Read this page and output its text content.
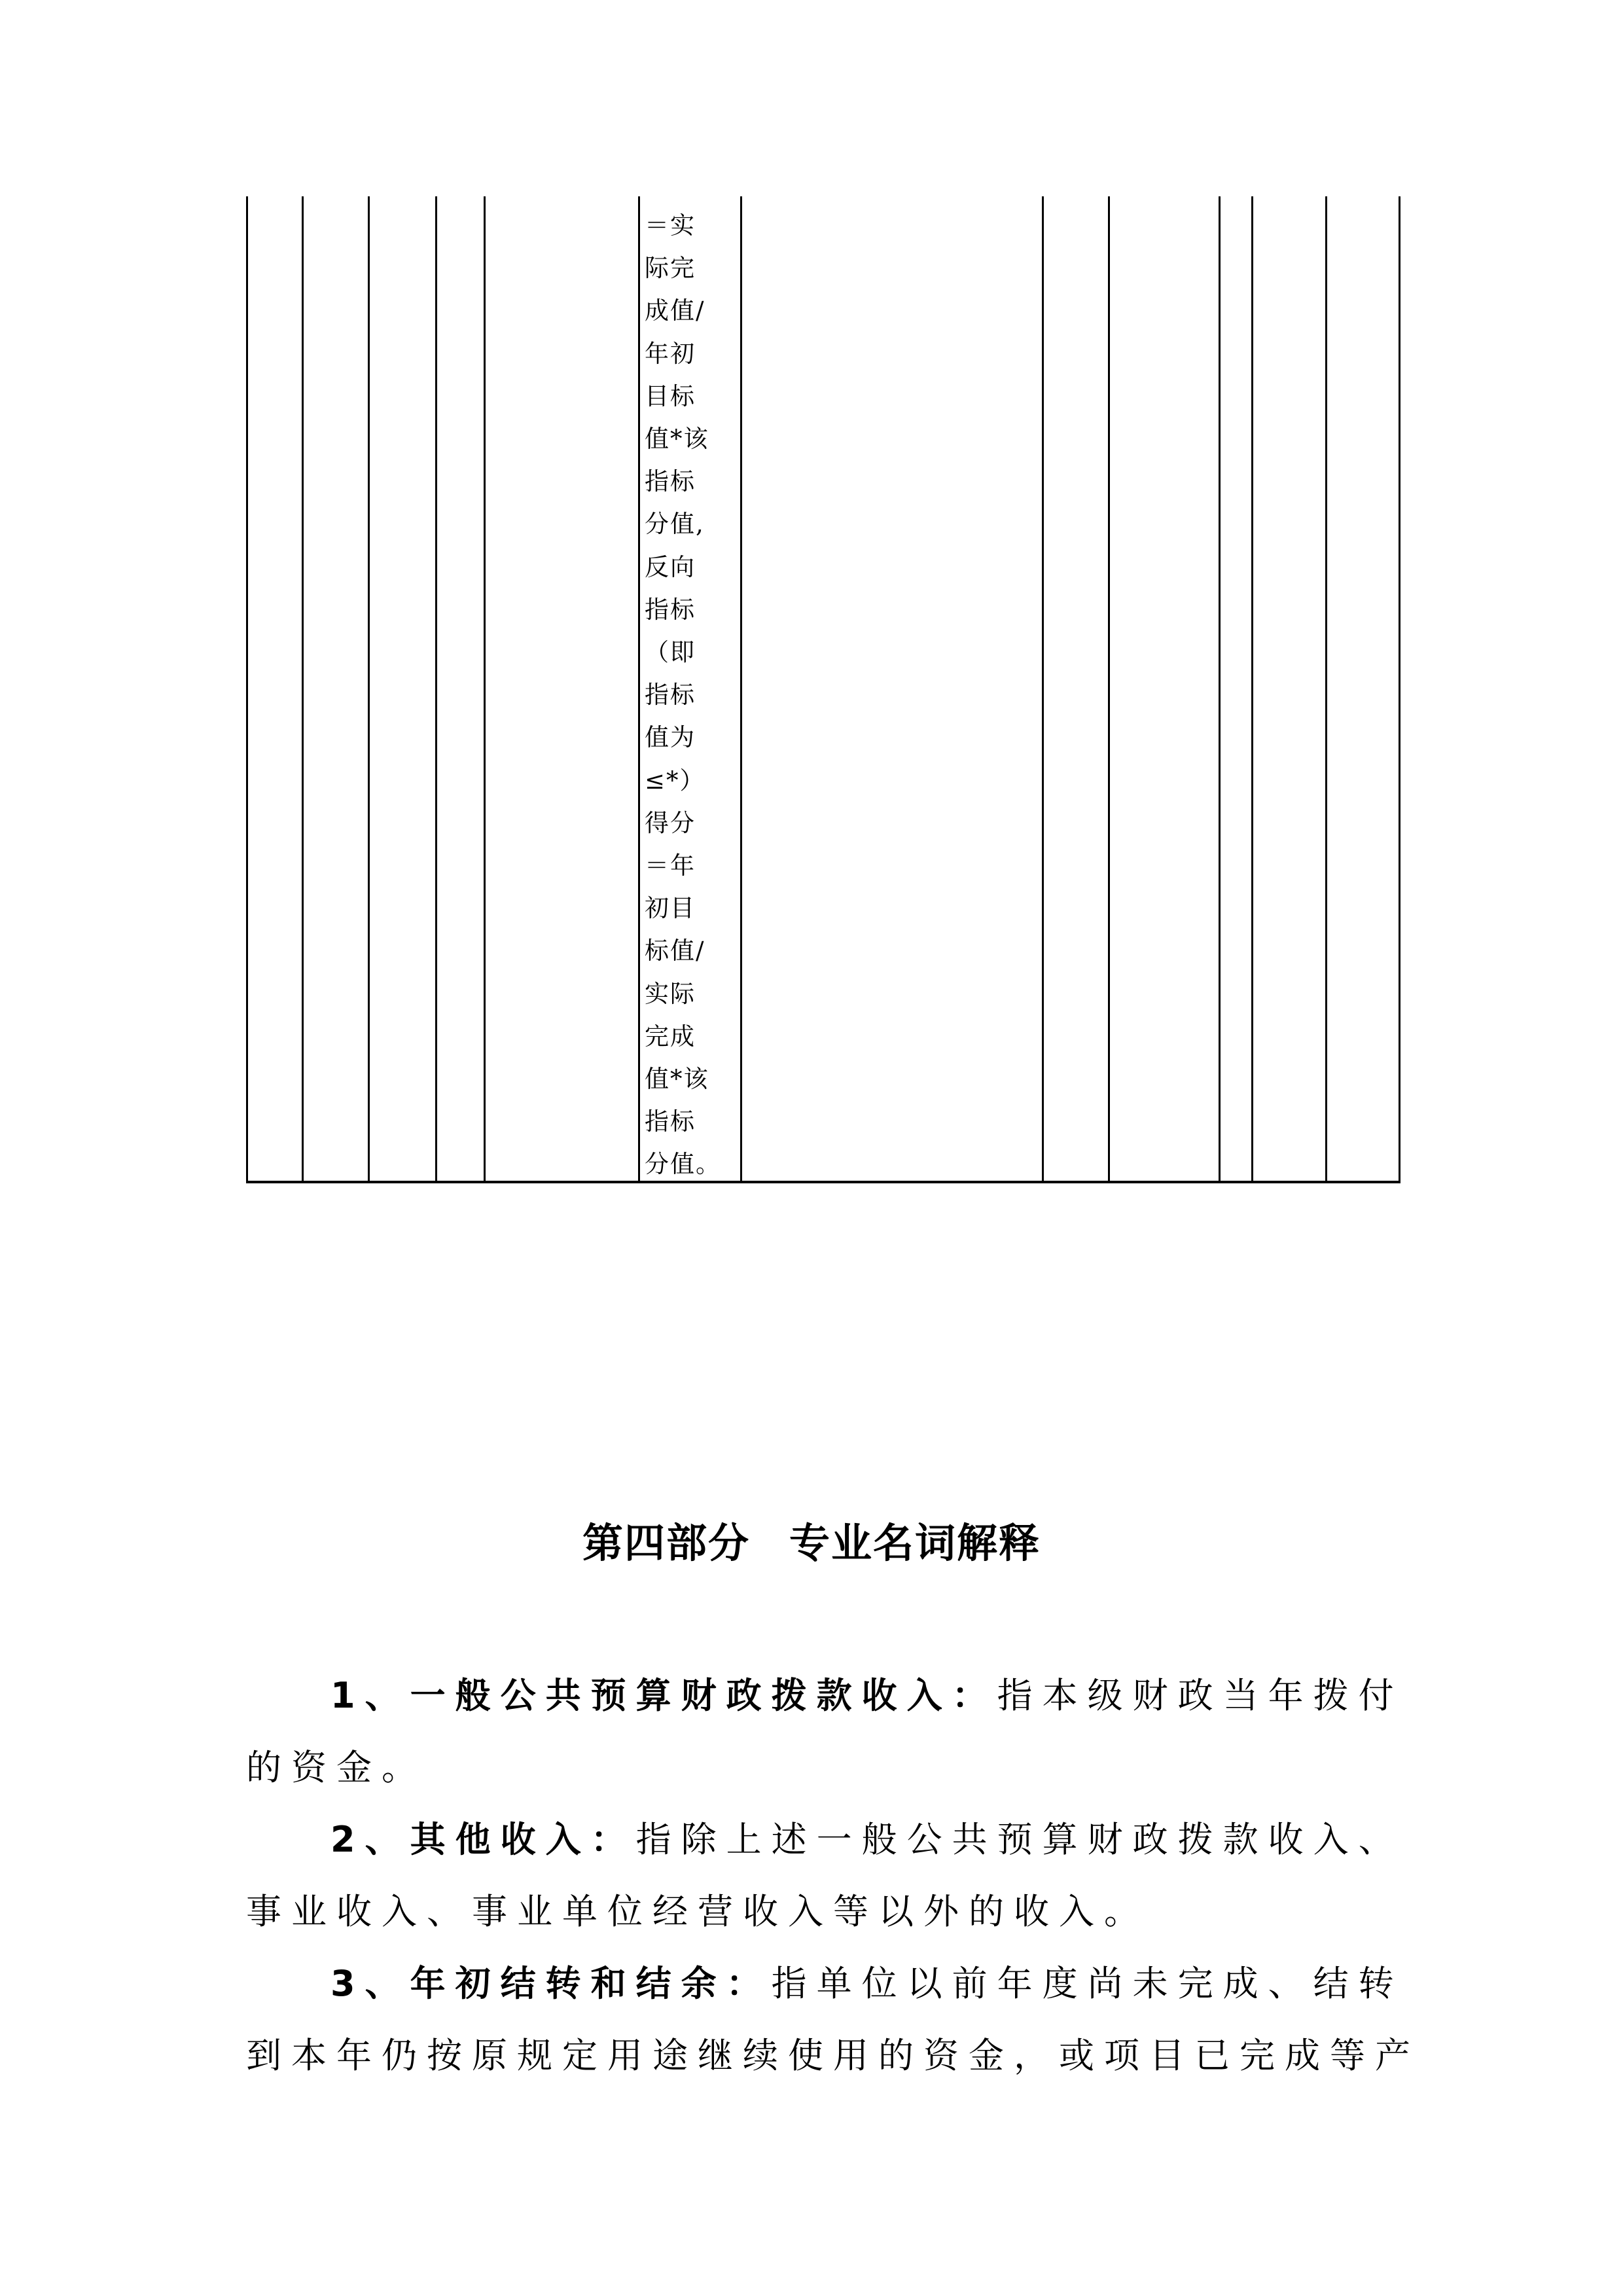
＝实
际完
成值/
年初
目标
值*该
指标
分值,
反向
指标
（即
指标
值为
≤*）
得分
＝年
初目
标值/
实际
完成
值*该
指标
分值。
第四部分 专业名词解释
1、一般公共预算财政拨款收入：指本级财政当年拨付
的资金。
2、其他收入：指除上述一般公共预算财政拨款收入、
事业收入、事业单位经营收入等以外的收入。
3、年初结转和结余：指单位以前年度尚未完成、结转
到本年仍按原规定用途继续使用的资金，或项目已完成等产
